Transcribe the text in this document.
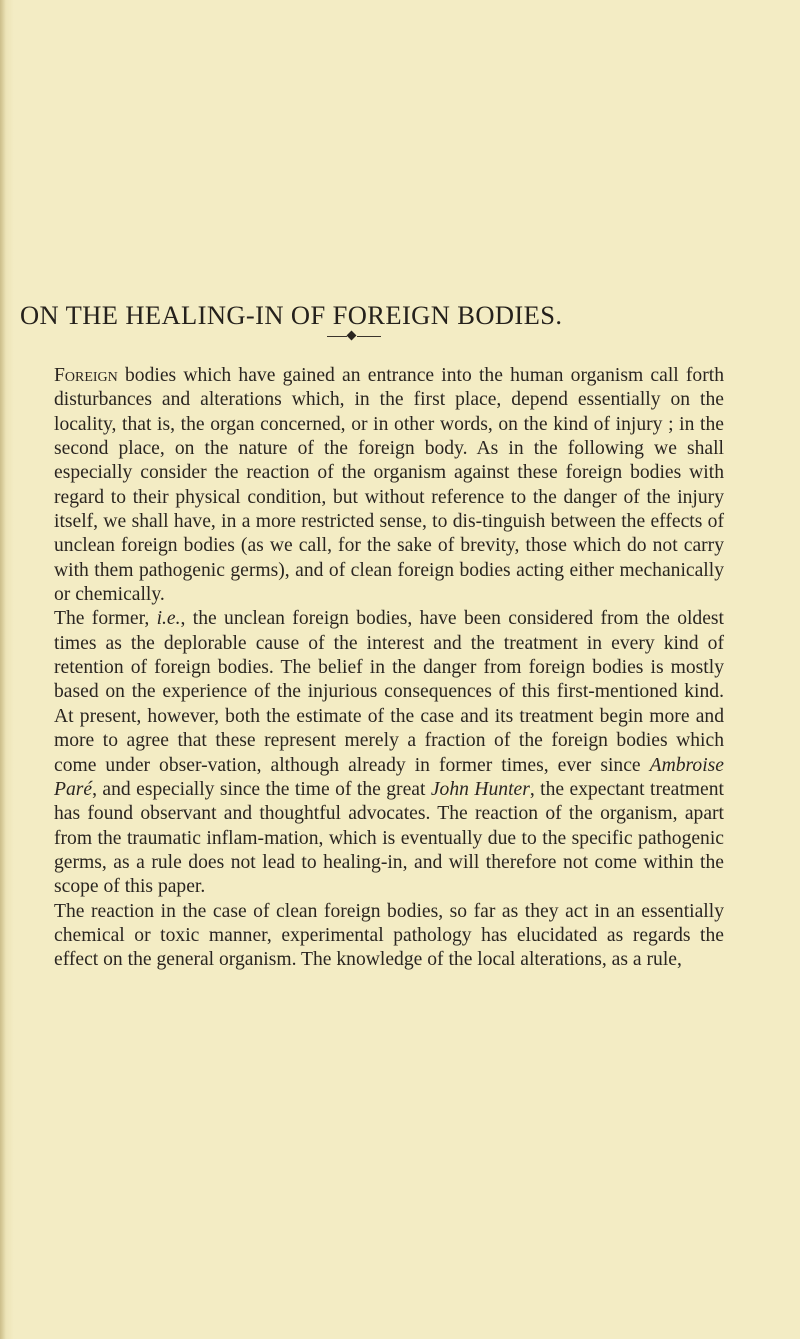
ON THE HEALING-IN OF FOREIGN BODIES.

Foreign bodies which have gained an entrance into the human organism call forth disturbances and alterations which, in the first place, depend essentially on the locality, that is, the organ concerned, or in other words, on the kind of injury ; in the second place, on the nature of the foreign body. As in the following we shall especially consider the reaction of the organism against these foreign bodies with regard to their physical condition, but without reference to the danger of the injury itself, we shall have, in a more restricted sense, to dis-tinguish between the effects of unclean foreign bodies (as we call, for the sake of brevity, those which do not carry with them pathogenic germs), and of clean foreign bodies acting either mechanically or chemically.

The former, i.e., the unclean foreign bodies, have been considered from the oldest times as the deplorable cause of the interest and the treatment in every kind of retention of foreign bodies. The belief in the danger from foreign bodies is mostly based on the experience of the injurious consequences of this first-mentioned kind. At present, however, both the estimate of the case and its treatment begin more and more to agree that these represent merely a fraction of the foreign bodies which come under obser-vation, although already in former times, ever since Ambroise Paré, and especially since the time of the great John Hunter, the expectant treatment has found observant and thoughtful advocates. The reaction of the organism, apart from the traumatic inflam-mation, which is eventually due to the specific pathogenic germs, as a rule does not lead to healing-in, and will therefore not come within the scope of this paper.

The reaction in the case of clean foreign bodies, so far as they act in an essentially chemical or toxic manner, experimental pathology has elucidated as regards the effect on the general organism. The knowledge of the local alterations, as a rule,
